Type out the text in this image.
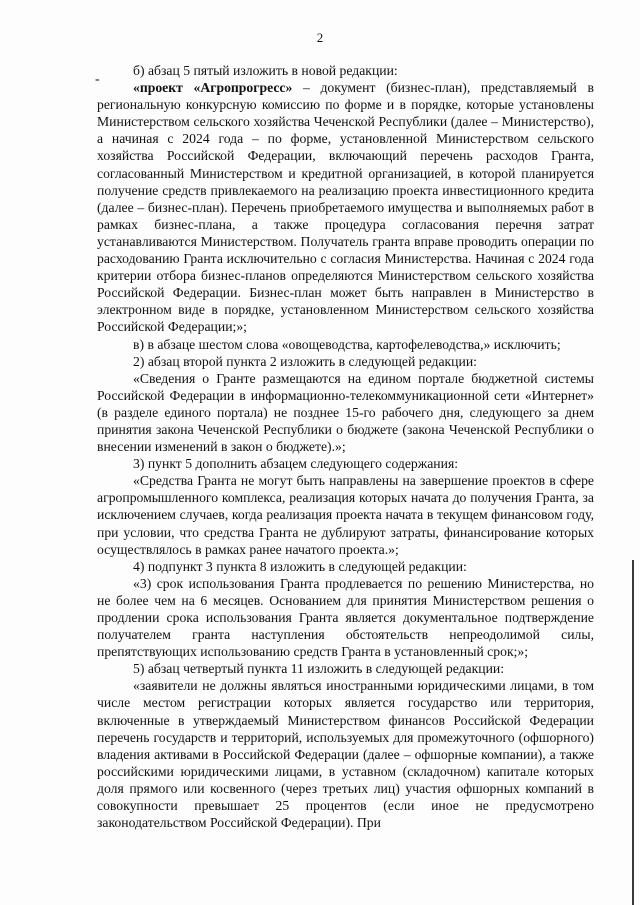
2
-

б) абзац 5 пятый изложить в новой редакции:

«проект «Агропрогресс» – документ (бизнес-план), представляемый в региональную конкурсную комиссию по форме и в порядке, которые установлены Министерством сельского хозяйства Чеченской Республики (далее – Министерство), а начиная с 2024 года – по форме, установленной Министерством сельского хозяйства Российской Федерации, включающий перечень расходов Гранта, согласованный Министерством и кредитной организацией, в которой планируется получение средств привлекаемого на реализацию проекта инвестиционного кредита (далее – бизнес-план). Перечень приобретаемого имущества и выполняемых работ в рамках бизнес-плана, а также процедура согласования перечня затрат устанавливаются Министерством. Получатель гранта вправе проводить операции по расходованию Гранта исключительно с согласия Министерства. Начиная с 2024 года критерии отбора бизнес-планов определяются Министерством сельского хозяйства Российской Федерации. Бизнес-план может быть направлен в Министерство в электронном виде в порядке, установленном Министерством сельского хозяйства Российской Федерации;»;

в) в абзаце шестом слова «овощеводства, картофелеводства,» исключить;

2) абзац второй пункта 2 изложить в следующей редакции:

«Сведения о Гранте размещаются на едином портале бюджетной системы Российской Федерации в информационно-телекоммуникационной сети «Интернет» (в разделе единого портала) не позднее 15-го рабочего дня, следующего за днем принятия закона Чеченской Республики о бюджете (закона Чеченской Республики о внесении изменений в закон о бюджете).»;

3) пункт 5 дополнить абзацем следующего содержания:

«Средства Гранта не могут быть направлены на завершение проектов в сфере агропромышленного комплекса, реализация которых начата до получения Гранта, за исключением случаев, когда реализация проекта начата в текущем финансовом году, при условии, что средства Гранта не дублируют затраты, финансирование которых осуществлялось в рамках ранее начатого проекта.»;

4) подпункт 3 пункта 8 изложить в следующей редакции:

«3) срок использования Гранта продлевается по решению Министерства, но не более чем на 6 месяцев. Основанием для принятия Министерством решения о продлении срока использования Гранта является документальное подтверждение получателем гранта наступления обстоятельств непреодолимой силы, препятствующих использованию средств Гранта в установленный срок;»;

5) абзац четвертый пункта 11 изложить в следующей редакции:

«заявители не должны являться иностранными юридическими лицами, в том числе местом регистрации которых является государство или территория, включенные в утверждаемый Министерством финансов Российской Федерации перечень государств и территорий, используемых для промежуточного (офшорного) владения активами в Российской Федерации (далее – офшорные компании), а также российскими юридическими лицами, в уставном (складочном) капитале которых доля прямого или косвенного (через третьих лиц) участия офшорных компаний в совокупности превышает 25 процентов (если иное не предусмотрено законодательством Российской Федерации). При
